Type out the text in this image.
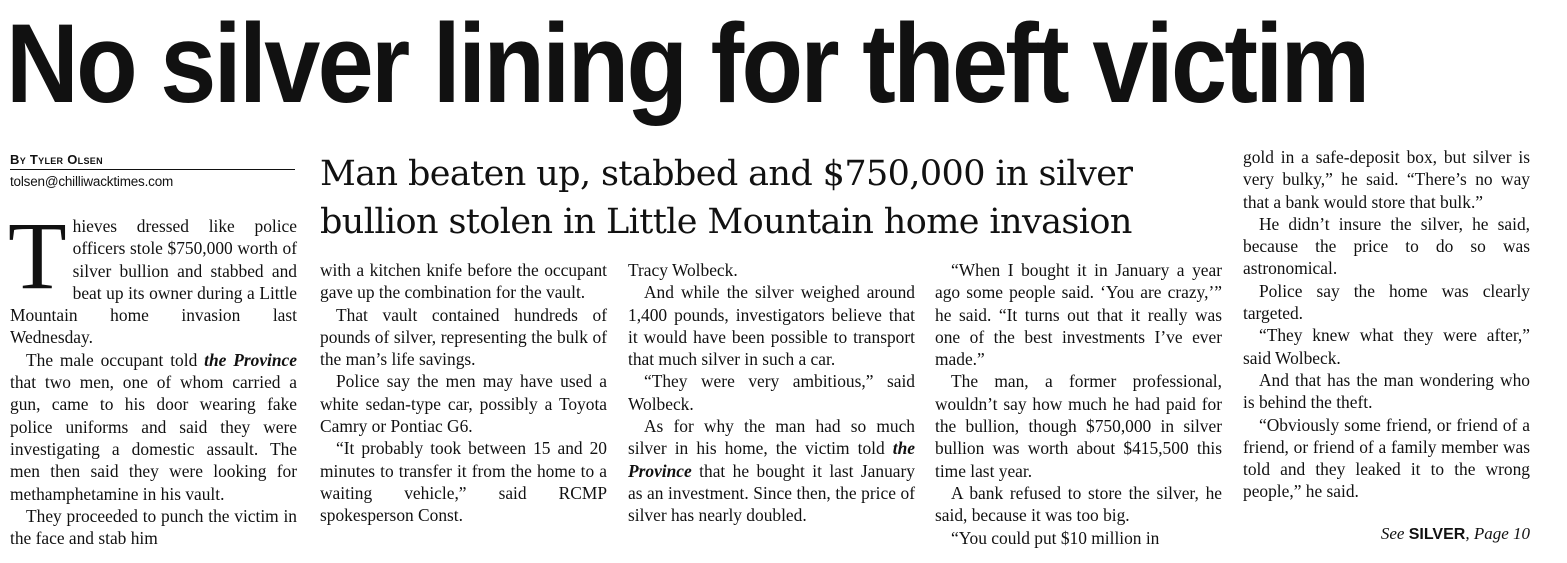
No silver lining for theft victim
By Tyler Olsen
tolsen@chilliwacktimes.com	Man beaten up, stabbed and $750,000 in silver bullion stolen in Little Mountain home invasion

Thieves dressed like police officers stole $750,000 worth of silver bullion and stabbed and beat up its owner during a Little Mountain home invasion last Wednesday.

The male occupant told the Province that two men, one of whom carried a gun, came to his door wearing fake police uniforms and said they were investigating a domestic assault. The men then said they were looking for methamphetamine in his vault.

They proceeded to punch the victim in the face and stab him

with a kitchen knife before the occupant gave up the combination for the vault.

That vault contained hundreds of pounds of silver, representing the bulk of the man’s life savings.

Police say the men may have used a white sedan-type car, possibly a Toyota Camry or Pontiac G6.

“It probably took between 15 and 20 minutes to transfer it from the home to a waiting vehicle,” said RCMP spokesperson Const.

Tracy Wolbeck.

And while the silver weighed around 1,400 pounds, investigators believe that it would have been possible to transport that much silver in such a car.

“They were very ambitious,” said Wolbeck.

As for why the man had so much silver in his home, the victim told the Province that he bought it last January as an investment. Since then, the price of silver has nearly doubled.

“When I bought it in January a year ago some people said. ‘You are crazy,’” he said. “It turns out that it really was one of the best investments I’ve ever made.”

The man, a former professional, wouldn’t say how much he had paid for the bullion, though $750,000 in silver bullion was worth about $415,500 this time last year.

A bank refused to store the silver, he said, because it was too big.

“You could put $10 million in

gold in a safe-deposit box, but silver is very bulky,” he said. “There’s no way that a bank would store that bulk.”

He didn’t insure the silver, he said, because the price to do so was astronomical.

Police say the home was clearly targeted.

“They knew what they were after,” said Wolbeck.

And that has the man wondering who is behind the theft.

“Obviously some friend, or friend of a friend, or friend of a family member was told and they leaked it to the wrong people,” he said.

See SILVER, Page 10
